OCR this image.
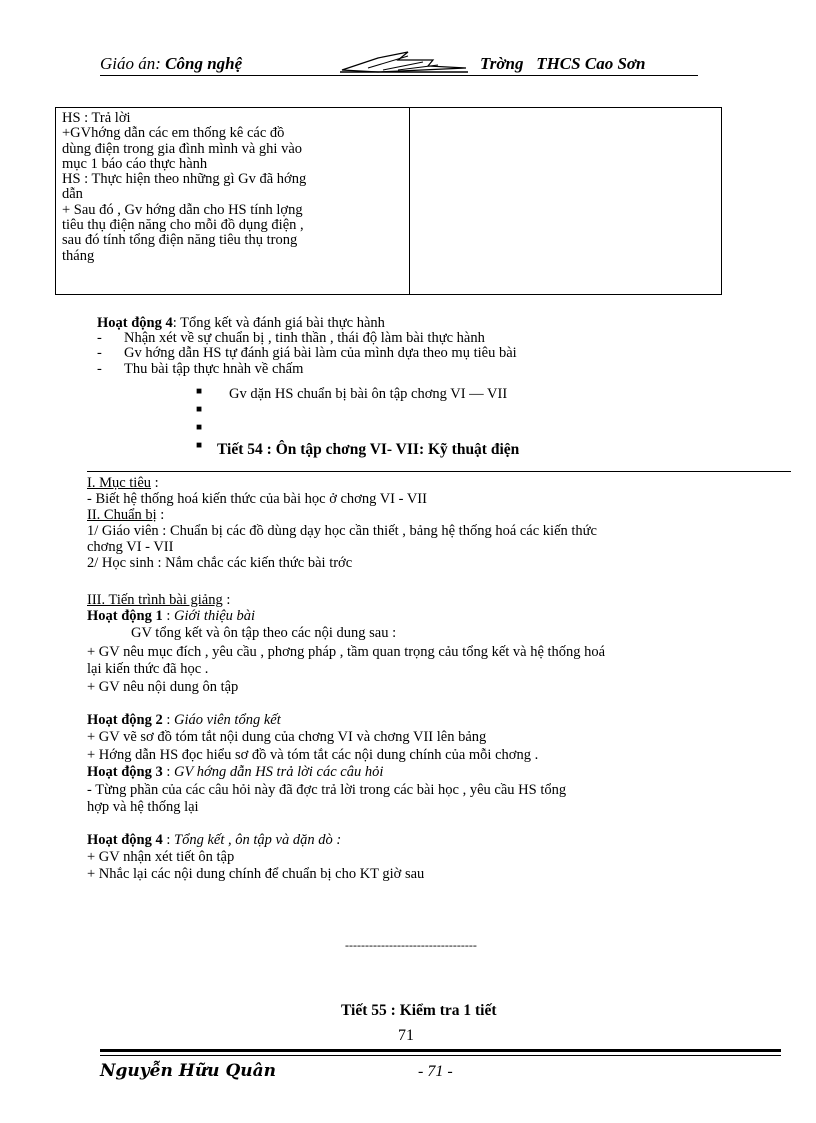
Giáo án: Công nghệ	Trờng THCS Cao Sơn

HS : Trả lời

+GVhớng dẫn các em thống kê các đồ

dùng điện trong gia đình mình và ghi vào

mục 1 báo cáo thực hành

HS : Thực hiện theo những gì Gv đã hớng

dẫn

+ Sau đó , Gv hớng dẫn cho HS tính lợng

tiêu thụ điện năng cho mỗi đồ dụng điện ,

sau đó tính tổng điện năng tiêu thụ trong

tháng

Hoạt động 4: Tổng kết và đánh giá bài thực hành
- Nhận xét về sự chuẩn bị , tinh thần , thái độ làm bài thực hành
- Gv hớng dẫn HS tự đánh giá bài làm của mình dựa theo mụ tiêu bài
- Thu bài tập thực hnàh về chấm
■ Gv dặn HS chuẩn bị bài ôn tập chơng VI — VII
■
■
■ Tiết 54 : Ôn tập chơng VI- VII: Kỹ thuật điện
I. Mục tiêu :
- Biết hệ thống hoá kiến thức của bài học ở chơng VI - VII
II. Chuẩn bị :
1/ Giáo viên : Chuẩn bị các đồ dùng dạy học cần thiết , bảng hệ thống hoá các kiến thức
chơng VI - VII
2/ Học sinh : Nắm chắc các kiến thức bài trớc
III. Tiến trình bài giảng :
Hoạt động 1 : Giới thiệu bài
GV tổng kết và ôn tập theo các nội dung sau :
+ GV nêu mục đích , yêu cầu , phơng pháp , tầm quan trọng cảu tổng kết và hệ thống hoá
lại kiến thức đã học .
+ GV nêu nội dung ôn tập
Hoạt động 2 : Giáo viên tổng kết
+ GV vẽ sơ đồ tóm tắt nội dung của chơng VI và chơng VII lên bảng
+ Hớng dẫn HS đọc hiểu sơ đồ và tóm tắt các nội dung chính của mỗi chơng .
Hoạt động 3 : GV hớng dẫn HS trả lời các câu hỏi
- Từng phần của các câu hỏi này đã đợc trả lời trong các bài học , yêu cầu HS tổng
hợp và hệ thống lại
Hoạt động 4 : Tổng kết , ôn tập và dặn dò :
+ GV nhận xét tiết ôn tập
+ Nhắc lại các nội dung chính để chuẩn bị cho KT giờ sau
---------------------------------
Tiết 55 : Kiểm tra 1 tiết
71
Nguyễn Hữu Quân	- 71 -
